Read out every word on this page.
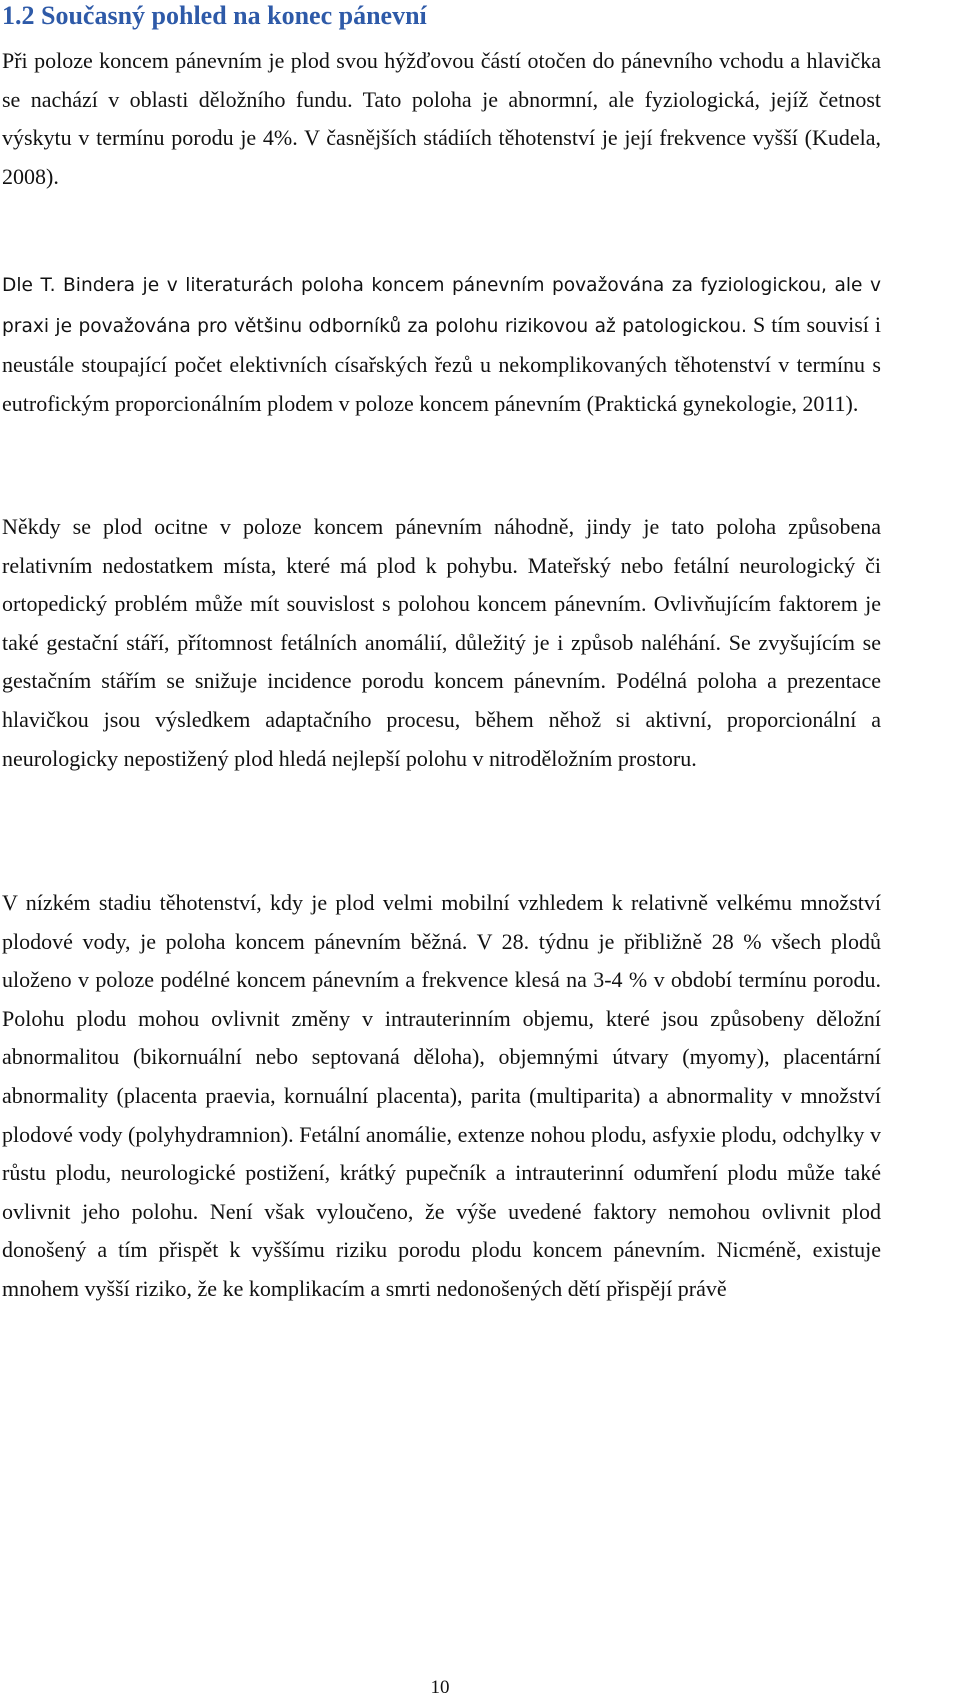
1.2 Současný pohled na konec pánevní

Při poloze koncem pánevním je plod svou hýžďovou částí otočen do pánevního vchodu a hlavička se nachází v oblasti děložního fundu. Tato poloha je abnormní, ale fyziologická, jejíž četnost výskytu v termínu porodu je 4%. V časnějších stádiích těhotenství je její frekvence vyšší (Kudela, 2008).

Dle T. Bindera je v literaturách poloha koncem pánevním považována za fyziologickou, ale v praxi je považována pro většinu odborníků za polohu rizikovou až patologickou. S tím souvisí i neustále stoupající počet elektivních císařských řezů u nekomplikovaných těhotenství v termínu s eutrofickým proporcionálním plodem v poloze koncem pánevním (Praktická gynekologie, 2011).

Někdy se plod ocitne v poloze koncem pánevním náhodně, jindy je tato poloha způsobena relativním nedostatkem místa, které má plod k pohybu. Mateřský nebo fetální neurologický či ortopedický problém může mít souvislost s polohou koncem pánevním. Ovlivňujícím faktorem je také gestační stáří, přítomnost fetálních anomálií, důležitý je i způsob naléhání. Se zvyšujícím se gestačním stářím se snižuje incidence porodu koncem pánevním. Podélná poloha a prezentace hlavičkou jsou výsledkem adaptačního procesu, během něhož si aktivní, proporcionální a neurologicky nepostižený plod hledá nejlepší polohu v nitroděložním prostoru.

V nízkém stadiu těhotenství, kdy je plod velmi mobilní vzhledem k relativně velkému množství plodové vody, je poloha koncem pánevním běžná. V 28. týdnu je přibližně 28 % všech plodů uloženo v poloze podélné koncem pánevním a frekvence klesá na 3-4 % v období termínu porodu. Polohu plodu mohou ovlivnit změny v intrauterinním objemu, které jsou způsobeny děložní abnormalitou (bikornuální nebo septovaná děloha), objemnými útvary (myomy), placentární abnormality (placenta praevia, kornuální placenta), parita (multiparita) a abnormality v množství plodové vody (polyhydramnion). Fetální anomálie, extenze nohou plodu, asfyxie plodu, odchylky v růstu plodu, neurologické postižení, krátký pupečník a intrauterinní odumření plodu může také ovlivnit jeho polohu. Není však vyloučeno, že výše uvedené faktory nemohou ovlivnit plod donošený a tím přispět k vyššímu riziku porodu plodu koncem pánevním. Nicméně, existuje mnohem vyšší riziko, že ke komplikacím a smrti nedonošených dětí přispějí právě

10
